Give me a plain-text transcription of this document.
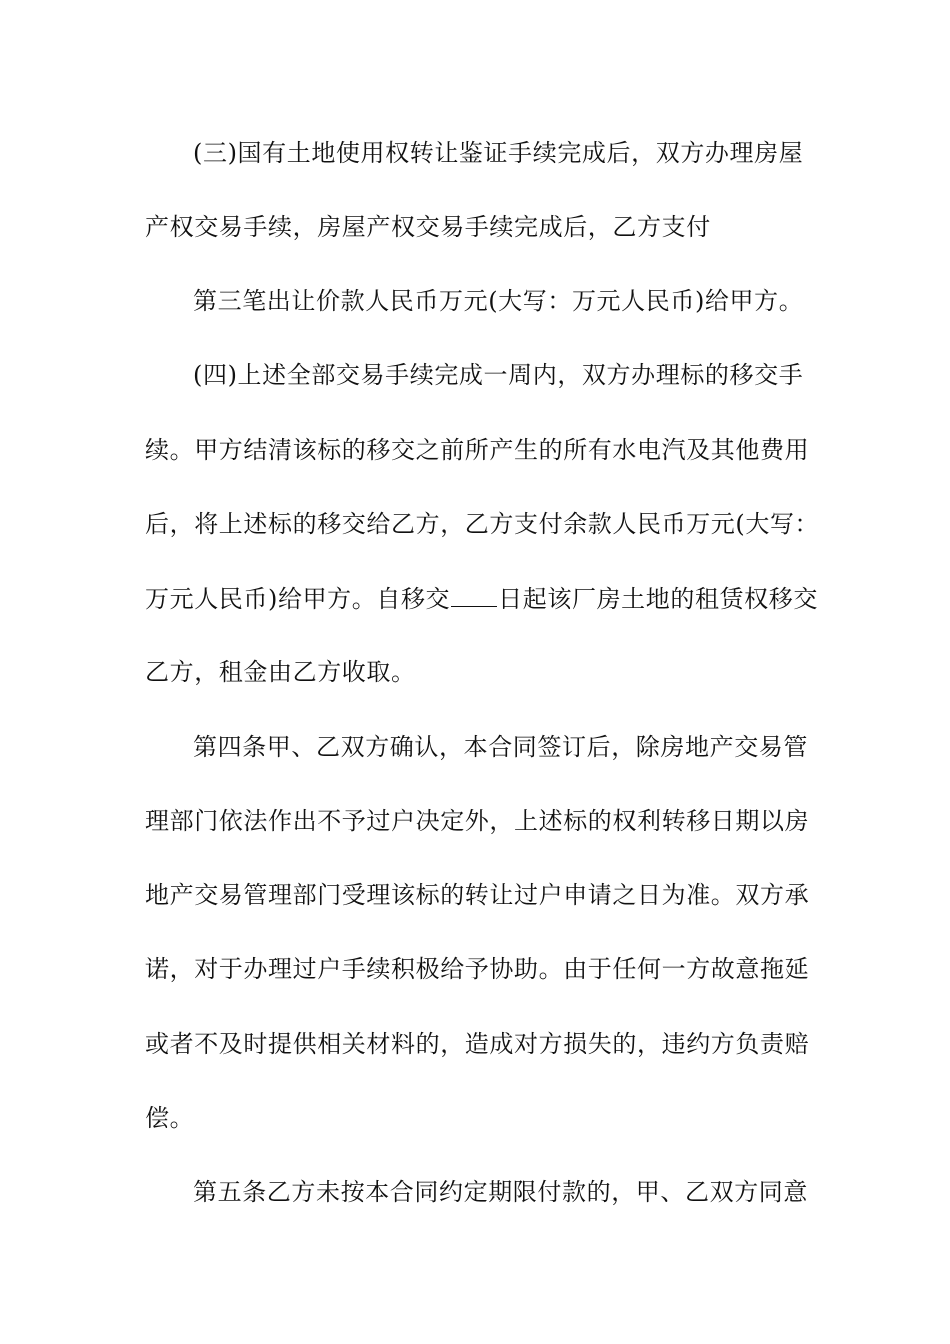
(三)国有土地使用权转让鉴证手续完成后，双方办理房屋
产权交易手续，房屋产权交易手续完成后，乙方支付
第三笔出让价款人民币万元(大写：万元人民币)给甲方。
(四)上述全部交易手续完成一周内，双方办理标的移交手
续。甲方结清该标的移交之前所产生的所有水电汽及其他费用
后，将上述标的移交给乙方，乙方支付余款人民币万元(大写：
万元人民币)给甲方。自移交 日起该厂房土地的租赁权移交
乙方，租金由乙方收取。
第四条甲、乙双方确认，本合同签订后，除房地产交易管
理部门依法作出不予过户决定外，上述标的权利转移日期以房
地产交易管理部门受理该标的转让过户申请之日为准。双方承
诺，对于办理过户手续积极给予协助。由于任何一方故意拖延
或者不及时提供相关材料的，造成对方损失的，违约方负责赔
偿。
第五条乙方未按本合同约定期限付款的，甲、乙双方同意
